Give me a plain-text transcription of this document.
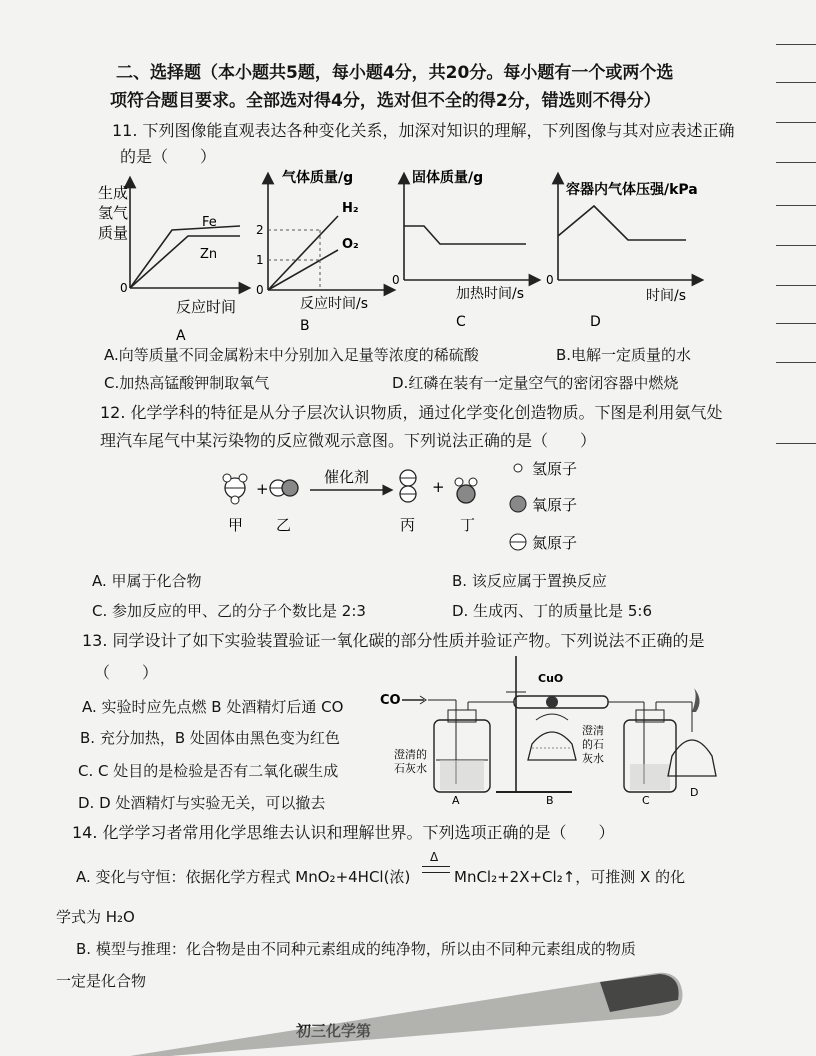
二、选择题（本小题共5题，每小题4分，共20分。每小题有一个或两个选
项符合题目要求。全部选对得4分，选对但不全的得2分，错选则不得分）
11. 下列图像能直观表达各种变化关系，加深对知识的理解，下列图像与其对应表述正确
的是（　　）
生成
氢气
质量
Fe
Zn
0
反应时间
A
2
1
0
气体质量/g
H₂
O₂
反应时间/s
B
0
固体质量/g
加热时间/s
C
0
容器内气体压强/kPa
时间/s
D
A.向等质量不同金属粉末中分别加入足量等浓度的稀硫酸	B.电解一定质量的水
C.加热高锰酸钾制取氧气	D.红磷在装有一定量空气的密闭容器中燃烧
12. 化学学科的特征是从分子层次认识物质，通过化学变化创造物质。下图是利用氨气处
理汽车尾气中某污染物的反应微观示意图。下列说法正确的是（　　）
+
甲 乙
催化剂
+
丙	丁
氢原子
氧原子
氮原子
A. 甲属于化合物	B. 该反应属于置换反应
C. 参加反应的甲、乙的分子个数比是 2:3	D. 生成丙、丁的质量比是 5:6
13. 同学设计了如下实验装置验证一氧化碳的部分性质并验证产物。下列说法不正确的是
（　　）
A. 实验时应先点燃 B 处酒精灯后通 CO
B. 充分加热，B 处固体由黑色变为红色
C. C 处目的是检验是否有二氧化碳生成
D. D 处酒精灯与实验无关，可以撤去
CO
澄清的
石灰水
A
CuO
B
澄清
的石
灰水
C
D
14. 化学学习者常用化学思维去认识和理解世界。下列选项正确的是（　　）
A. 变化与守恒：依据化学方程式 MnO₂+4HCl(浓)
Δ
MnCl₂+2X+Cl₂↑，可推测 X 的化
学式为 H₂O
B. 模型与推理：化合物是由不同种元素组成的纯净物，所以由不同种元素组成的物质
一定是化合物
